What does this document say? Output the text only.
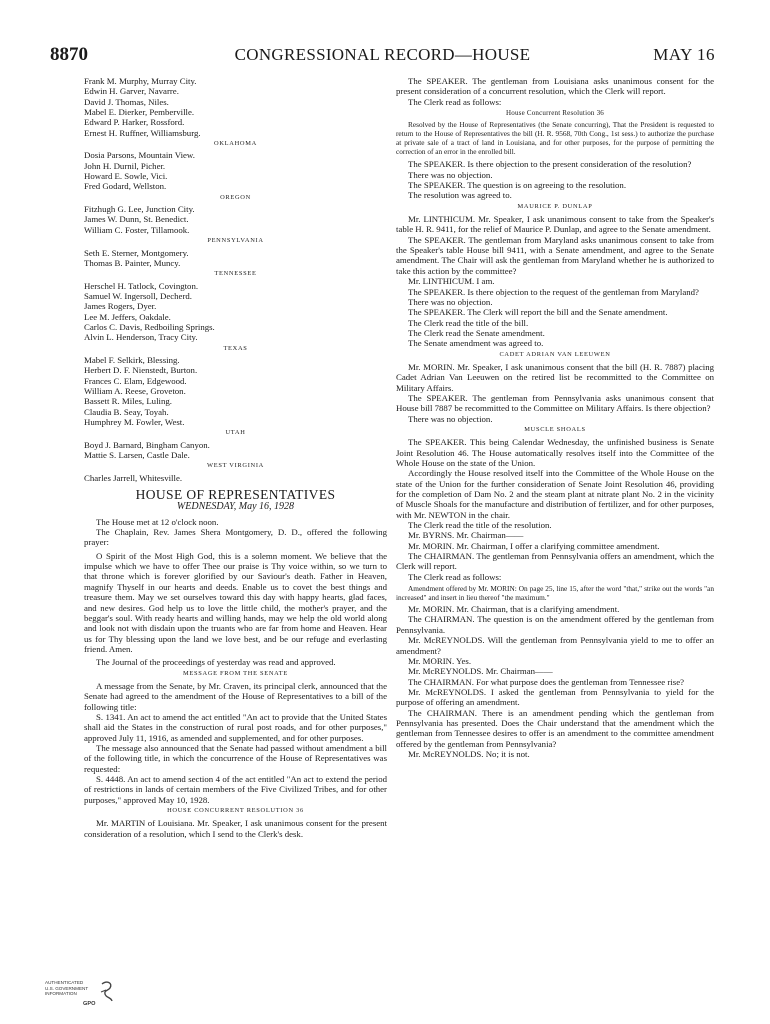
8870	CONGRESSIONAL RECORD—HOUSE	MAY 16

Frank M. Murphy, Murray City.

Edwin H. Garver, Navarre.

David J. Thomas, Niles.

Mabel E. Dierker, Pemberville.

Edward P. Harker, Rossford.

Ernest H. Ruffner, Williamsburg.

OKLAHOMA

Dosia Parsons, Mountain View.

John H. Durnil, Picher.

Howard E. Sowle, Vici.

Fred Godard, Wellston.

OREGON

Fitzhugh G. Lee, Junction City.

James W. Dunn, St. Benedict.

William C. Foster, Tillamook.

PENNSYLVANIA

Seth E. Sterner, Montgomery.

Thomas B. Painter, Muncy.

TENNESSEE

Herschel H. Tatlock, Covington.

Samuel W. Ingersoll, Decherd.

James Rogers, Dyer.

Lee M. Jeffers, Oakdale.

Carlos C. Davis, Redboiling Springs.

Alvin L. Henderson, Tracy City.

TEXAS

Mabel F. Selkirk, Blessing.

Herbert D. F. Nienstedt, Burton.

Frances C. Elam, Edgewood.

William A. Reese, Groveton.

Bassett R. Miles, Luling.

Claudia B. Seay, Toyah.

Humphrey M. Fowler, West.

UTAH

Boyd J. Barnard, Bingham Canyon.

Mattie S. Larsen, Castle Dale.

WEST VIRGINIA

Charles Jarrell, Whitesville.

HOUSE OF REPRESENTATIVES
WEDNESDAY, May 16, 1928

The House met at 12 o'clock noon.

The Chaplain, Rev. James Shera Montgomery, D. D., offered the following prayer:

O Spirit of the Most High God, this is a solemn moment. We believe that the impulse which we have to offer Thee our praise is Thy voice within, so we turn to that throne which is forever glorified by our Saviour's death. Father in Heaven, magnify Thyself in our hearts and deeds. Enable us to covet the best things and treasure them. May we set ourselves toward this day with happy hearts, glad faces, and new desires. God help us to love the little child, the mother's prayer, and the beggar's soul. With ready hearts and willing hands, may we help the old world along and look not with disdain upon the truants who are far from home and Heaven. Hear us for Thy blessing upon the land we love best, and be our refuge and everlasting friend. Amen.

The Journal of the proceedings of yesterday was read and approved.

MESSAGE FROM THE SENATE

A message from the Senate, by Mr. Craven, its principal clerk, announced that the Senate had agreed to the amendment of the House of Representatives to a bill of the following title:

S. 1341. An act to amend the act entitled "An act to provide that the United States shall aid the States in the construction of rural post roads, and for other purposes," approved July 11, 1916, as amended and supplemented, and for other purposes.

The message also announced that the Senate had passed without amendment a bill of the following title, in which the concurrence of the House of Representatives was requested:

S. 4448. An act to amend section 4 of the act entitled "An act to extend the period of restrictions in lands of certain members of the Five Civilized Tribes, and for other purposes," approved May 10, 1928.

HOUSE CONCURRENT RESOLUTION 36

Mr. MARTIN of Louisiana. Mr. Speaker, I ask unanimous consent for the present consideration of a resolution, which I send to the Clerk's desk.

The SPEAKER. The gentleman from Louisiana asks unanimous consent for the present consideration of a concurrent resolution, which the Clerk will report.

The Clerk read as follows:

House Concurrent Resolution 36

Resolved by the House of Representatives (the Senate concurring), That the President is requested to return to the House of Representatives the bill (H. R. 9568, 70th Cong., 1st sess.) to authorize the purchase at private sale of a tract of land in Louisiana, and for other purposes, for the purpose of permitting the correction of an error in the enrolled bill.

The SPEAKER. Is there objection to the present consideration of the resolution?

There was no objection.

The SPEAKER. The question is on agreeing to the resolution.

The resolution was agreed to.

MAURICE P. DUNLAP

Mr. LINTHICUM. Mr. Speaker, I ask unanimous consent to take from the Speaker's table H. R. 9411, for the relief of Maurice P. Dunlap, and agree to the Senate amendment.

The SPEAKER. The gentleman from Maryland asks unanimous consent to take from the Speaker's table House bill 9411, with a Senate amendment, and agree to the Senate amendment. The Chair will ask the gentleman from Maryland whether he is authorized to take this action by the committee?

Mr. LINTHICUM. I am.

The SPEAKER. Is there objection to the request of the gentleman from Maryland?

There was no objection.

The SPEAKER. The Clerk will report the bill and the Senate amendment.

The Clerk read the title of the bill.

The Clerk read the Senate amendment.

The Senate amendment was agreed to.

CADET ADRIAN VAN LEEUWEN

Mr. MORIN. Mr. Speaker, I ask unanimous consent that the bill (H. R. 7887) placing Cadet Adrian Van Leeuwen on the retired list be recommitted to the Committee on Military Affairs.

The SPEAKER. The gentleman from Pennsylvania asks unanimous consent that House bill 7887 be recommitted to the Committee on Military Affairs. Is there objection?

There was no objection.

MUSCLE SHOALS

The SPEAKER. This being Calendar Wednesday, the unfinished business is Senate Joint Resolution 46. The House automatically resolves itself into the Committee of the Whole House on the state of the Union.

Accordingly the House resolved itself into the Committee of the Whole House on the state of the Union for the further consideration of Senate Joint Resolution 46, providing for the completion of Dam No. 2 and the steam plant at nitrate plant No. 2 in the vicinity of Muscle Shoals for the manufacture and distribution of fertilizer, and for other purposes, with Mr. NEWTON in the chair.

The Clerk read the title of the resolution.

Mr. BYRNS. Mr. Chairman——

Mr. MORIN. Mr. Chairman, I offer a clarifying committee amendment.

The CHAIRMAN. The gentleman from Pennsylvania offers an amendment, which the Clerk will report.

The Clerk read as follows:

Amendment offered by Mr. MORIN: On page 25, line 15, after the word "that," strike out the words "an increased" and insert in lieu thereof "the maximum."

Mr. MORIN. Mr. Chairman, that is a clarifying amendment.

The CHAIRMAN. The question is on the amendment offered by the gentleman from Pennsylvania.

Mr. McREYNOLDS. Will the gentleman from Pennsylvania yield to me to offer an amendment?

Mr. MORIN. Yes.

Mr. McREYNOLDS. Mr. Chairman——

The CHAIRMAN. For what purpose does the gentleman from Tennessee rise?

Mr. McREYNOLDS. I asked the gentleman from Pennsylvania to yield for the purpose of offering an amendment.

The CHAIRMAN. There is an amendment pending which the gentleman from Pennsylvania has presented. Does the Chair understand that the amendment which the gentleman from Tennessee desires to offer is an amendment to the committee amendment offered by the gentleman from Pennsylvania?

Mr. McREYNOLDS. No; it is not.

AUTHENTICATED
U.S. GOVERNMENT
INFORMATION
GPO
